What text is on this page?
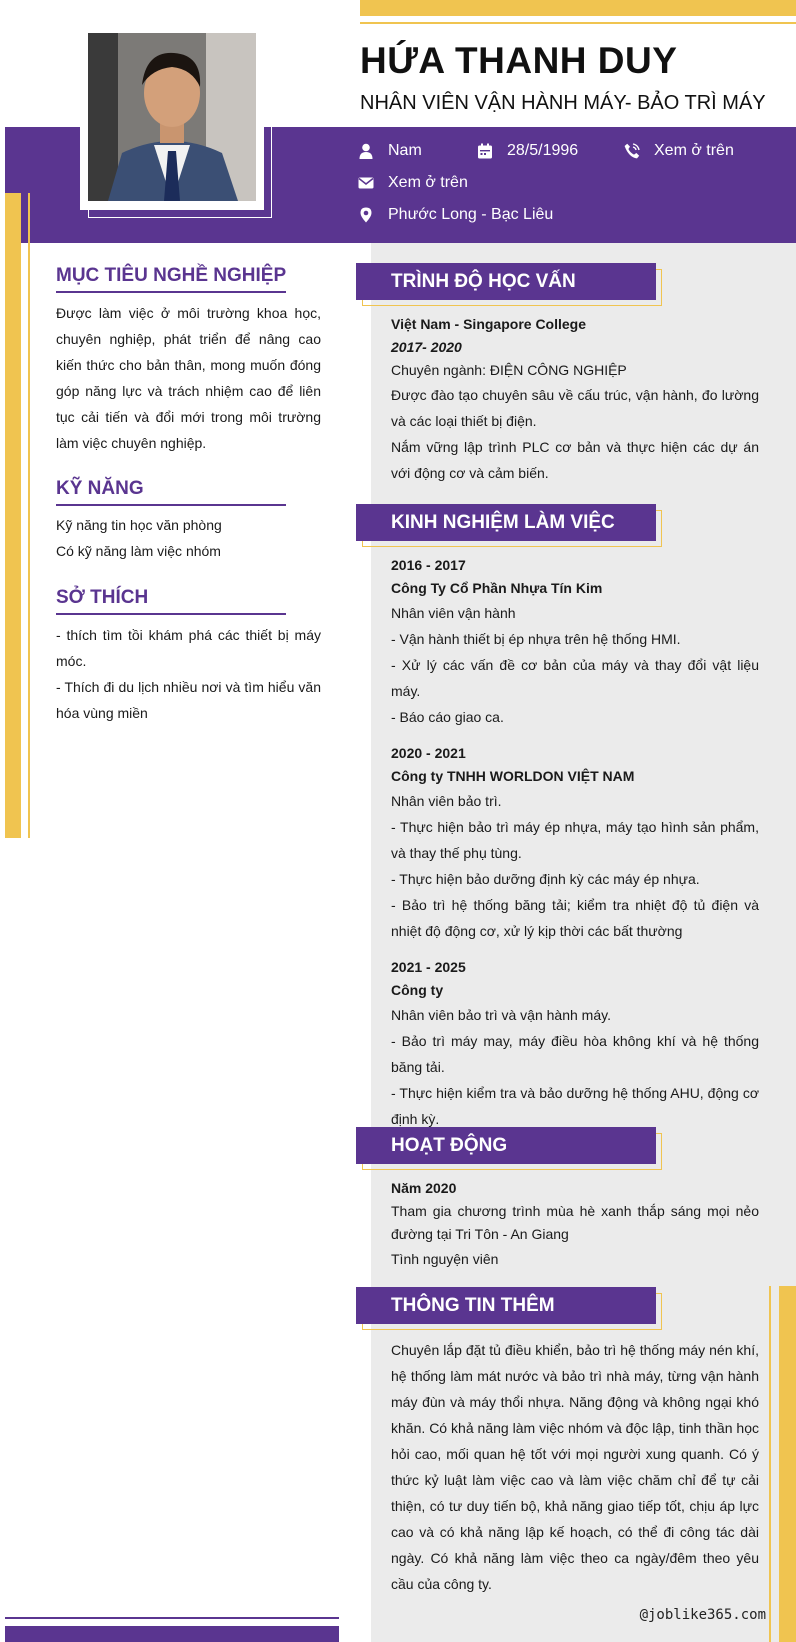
HỨA THANH DUY
NHÂN VIÊN VẬN HÀNH MÁY- BẢO TRÌ MÁY
Nam	28/5/1996	Xem ở trên
Xem ở trên
Phước Long - Bạc Liêu
MỤC TIÊU NGHỀ NGHIỆP

Được làm việc ở môi trường khoa học, chuyên nghiệp, phát triển để nâng cao kiến thức cho bản thân, mong muốn đóng góp năng lực và trách nhiệm cao để liên tục cải tiến và đổi mới trong môi trường làm việc chuyên nghiệp.

KỸ NĂNG

Kỹ năng tin học văn phòng

Có kỹ năng làm việc nhóm

SỞ THÍCH

- thích tìm tồi khám phá các thiết bị máy móc.

- Thích đi du lịch nhiều nơi và tìm hiểu văn hóa vùng miền

TRÌNH ĐỘ HỌC VẤN

Việt Nam - Singapore College

2017- 2020

Chuyên ngành: ĐIỆN CÔNG NGHIỆP

Được đào tạo chuyên sâu về cấu trúc, vận hành, đo lường và các loại thiết bị điện.

Nắm vững lập trình PLC cơ bản và thực hiện các dự án với động cơ và cảm biến.

KINH NGHIỆM LÀM VIỆC

2016 - 2017

Công Ty Cổ Phần Nhựa Tín Kim

Nhân viên vận hành

- Vận hành thiết bị ép nhựa trên hệ thống HMI.

- Xử lý các vấn đề cơ bản của máy và thay đổi vật liệu máy.

- Báo cáo giao ca.

2020 - 2021

Công ty TNHH WORLDON VIỆT NAM

Nhân viên bảo trì.

- Thực hiện bảo trì máy ép nhựa, máy tạo hình sản phẩm, và thay thế phụ tùng.

- Thực hiện bảo dưỡng định kỳ các máy ép nhựa.

- Bảo trì hệ thống băng tải; kiểm tra nhiệt độ tủ điện và nhiệt độ động cơ, xử lý kịp thời các bất thường

2021 - 2025

Công ty

Nhân viên bảo trì và vận hành máy.

- Bảo trì máy may, máy điều hòa không khí và hệ thống băng tải.

- Thực hiện kiểm tra và bảo dưỡng hệ thống AHU, động cơ định kỳ.

HOẠT ĐỘNG

Năm 2020

Tham gia chương trình mùa hè xanh thắp sáng mọi nẻo đường tại Tri Tôn - An Giang

Tình nguyện viên

THÔNG TIN THÊM

Chuyên lắp đặt tủ điều khiển, bảo trì hệ thống máy nén khí, hệ thống làm mát nước và bảo trì nhà máy, từng vận hành máy đùn và máy thổi nhựa. Năng động và không ngại khó khăn. Có khả năng làm việc nhóm và độc lập, tinh thần học hỏi cao, mối quan hệ tốt với mọi người xung quanh. Có ý thức kỷ luật làm việc cao và làm việc chăm chỉ để tự cải thiện, có tư duy tiến bộ, khả năng giao tiếp tốt, chịu áp lực cao và có khả năng lập kế hoạch, có thể đi công tác dài ngày. Có khả năng làm việc theo ca ngày/đêm theo yêu cầu của công ty.

@joblike365.com
